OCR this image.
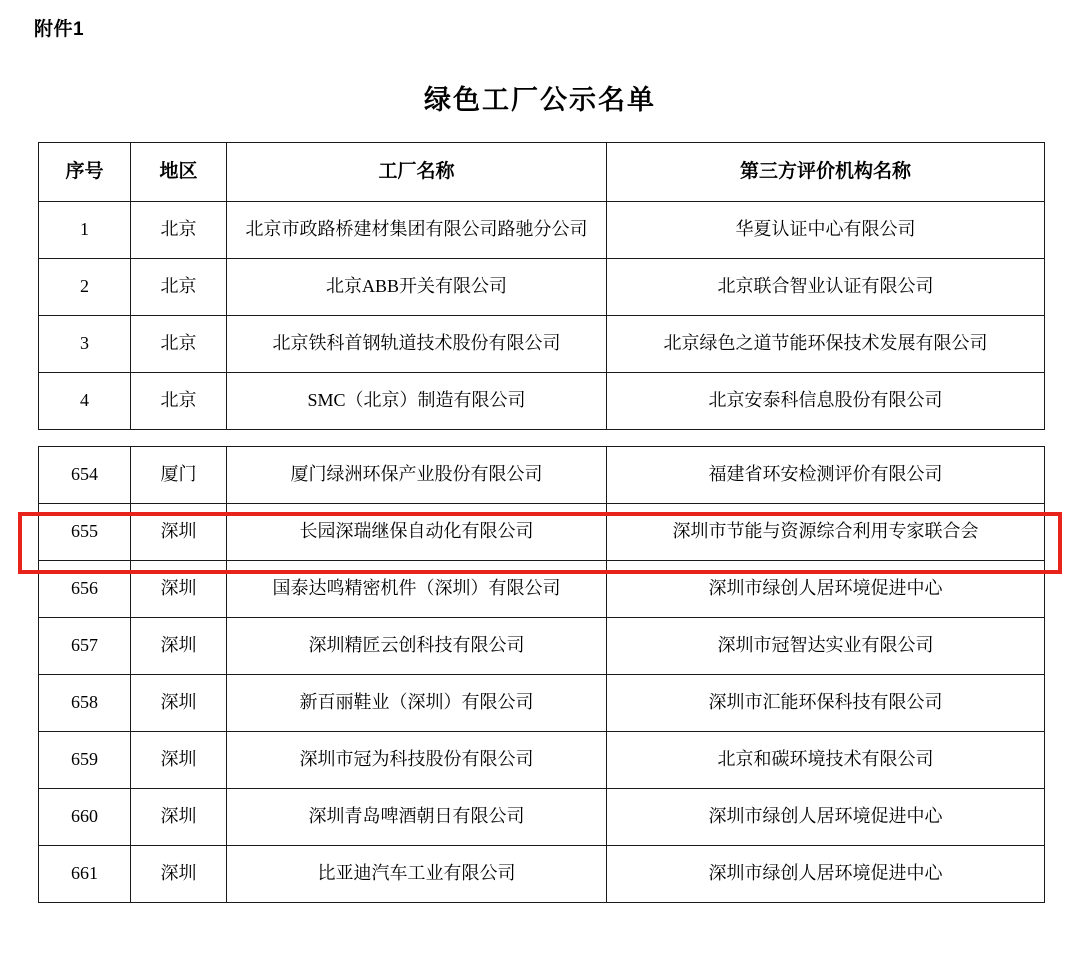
附件1
绿色工厂公示名单
序号	地区	工厂名称	第三方评价机构名称
1	北京	北京市政路桥建材集团有限公司路驰分公司	华夏认证中心有限公司
2	北京	北京ABB开关有限公司	北京联合智业认证有限公司
3	北京	北京铁科首钢轨道技术股份有限公司	北京绿色之道节能环保技术发展有限公司
4	北京	SMC（北京）制造有限公司	北京安泰科信息股份有限公司
654	厦门	厦门绿洲环保产业股份有限公司	福建省环安检测评价有限公司
655	深圳	长园深瑞继保自动化有限公司	深圳市节能与资源综合利用专家联合会
656	深圳	国泰达鸣精密机件（深圳）有限公司	深圳市绿创人居环境促进中心
657	深圳	深圳精匠云创科技有限公司	深圳市冠智达实业有限公司
658	深圳	新百丽鞋业（深圳）有限公司	深圳市汇能环保科技有限公司
659	深圳	深圳市冠为科技股份有限公司	北京和碳环境技术有限公司
660	深圳	深圳青岛啤酒朝日有限公司	深圳市绿创人居环境促进中心
661	深圳	比亚迪汽车工业有限公司	深圳市绿创人居环境促进中心
